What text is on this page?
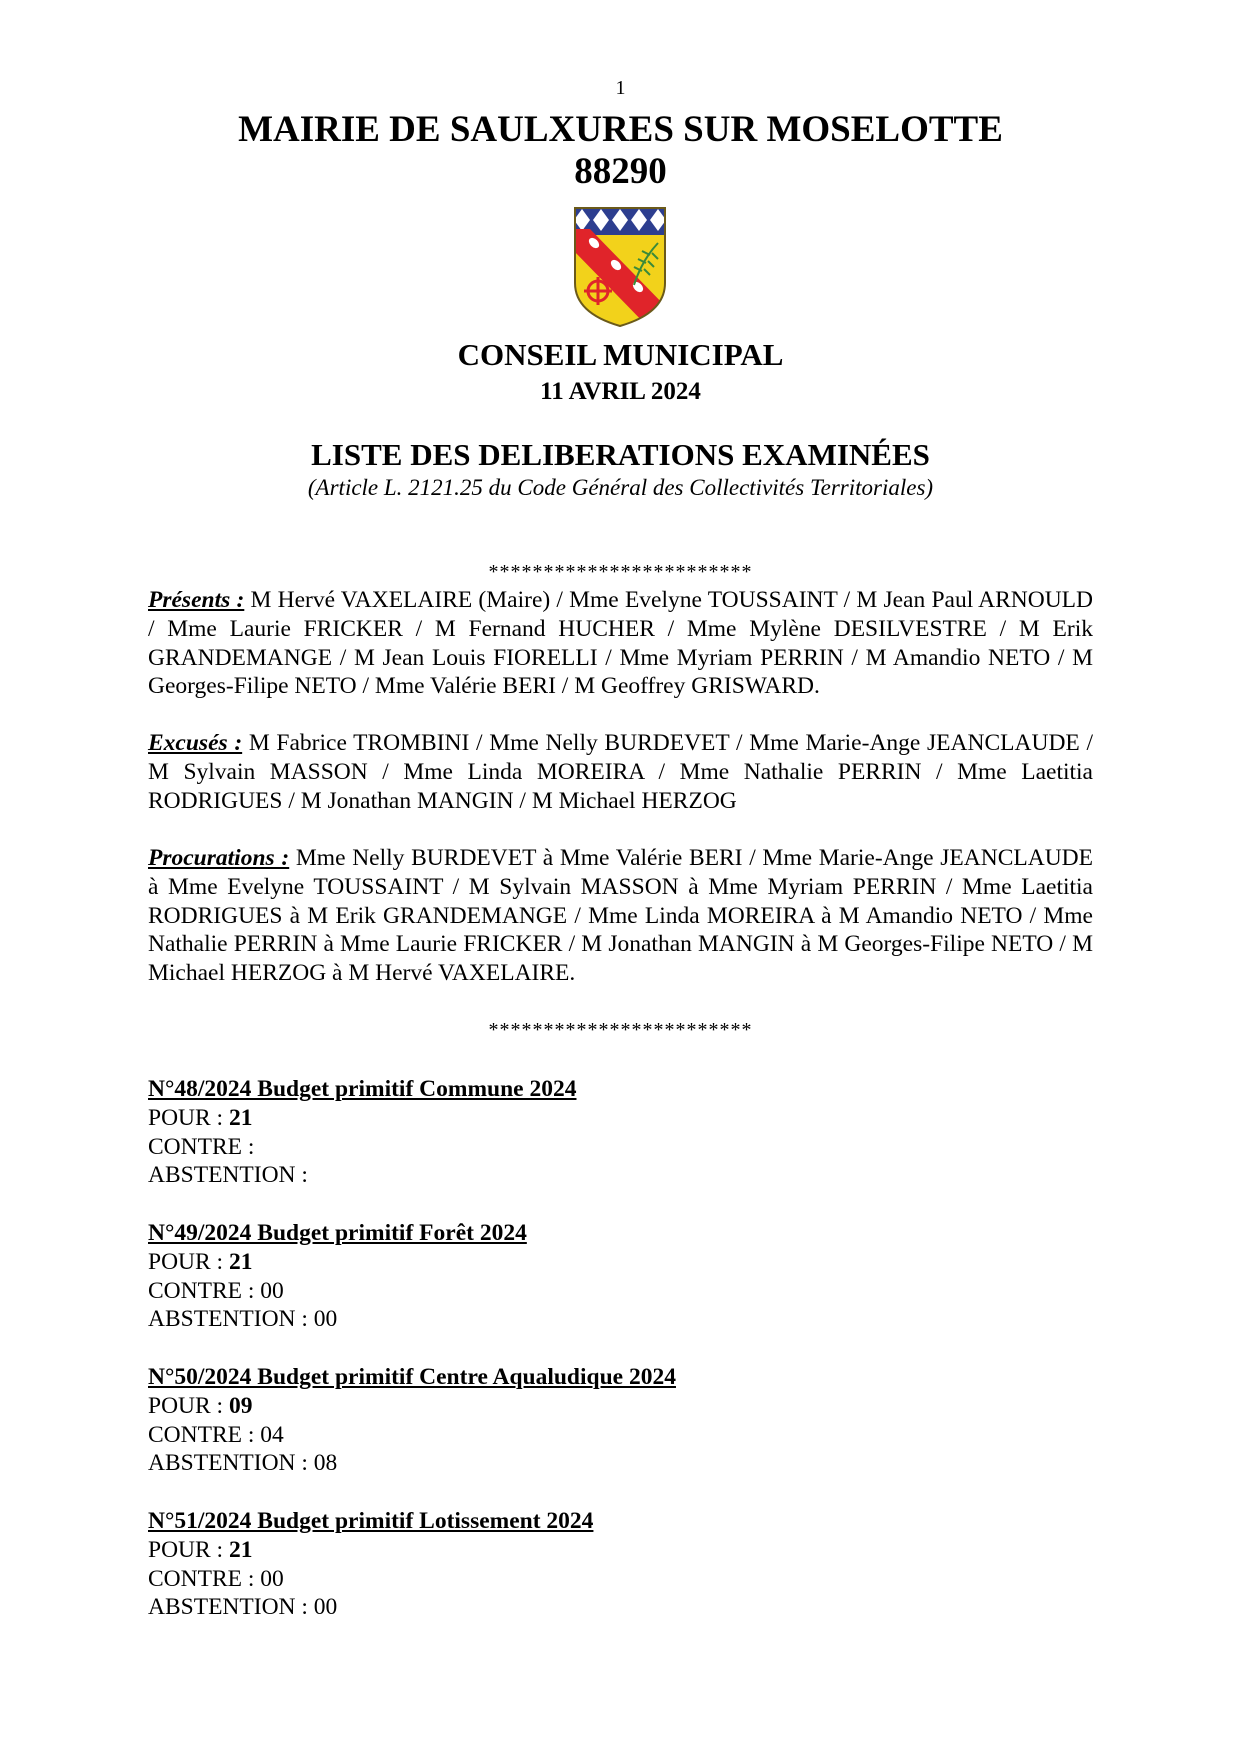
1
MAIRIE DE SAULXURES SUR MOSELOTTE
88290
CONSEIL MUNICIPAL
11 AVRIL 2024
LISTE DES DELIBERATIONS EXAMINÉES
(Article L. 2121.25 du Code Général des Collectivités Territoriales)
************************
Présents : M Hervé VAXELAIRE (Maire) / Mme Evelyne TOUSSAINT / M Jean Paul ARNOULD / Mme Laurie FRICKER / M Fernand HUCHER / Mme Mylène DESILVESTRE / M Erik GRANDEMANGE / M Jean Louis FIORELLI / Mme Myriam PERRIN / M Amandio NETO / M Georges-Filipe NETO / Mme Valérie BERI / M Geoffrey GRISWARD.
Excusés : M Fabrice TROMBINI / Mme Nelly BURDEVET / Mme Marie-Ange JEANCLAUDE / M Sylvain MASSON / Mme Linda MOREIRA / Mme Nathalie PERRIN / Mme Laetitia RODRIGUES / M Jonathan MANGIN / M Michael HERZOG
Procurations : Mme Nelly BURDEVET à Mme Valérie BERI / Mme Marie-Ange JEANCLAUDE à Mme Evelyne TOUSSAINT / M Sylvain MASSON à Mme Myriam PERRIN / Mme Laetitia RODRIGUES à M Erik GRANDEMANGE / Mme Linda MOREIRA à M Amandio NETO / Mme Nathalie PERRIN à Mme Laurie FRICKER / M Jonathan MANGIN à M Georges-Filipe NETO / M Michael HERZOG à M Hervé VAXELAIRE.
************************
N°48/2024 Budget primitif Commune 2024
POUR : 21
CONTRE :
ABSTENTION :
N°49/2024 Budget primitif Forêt 2024
POUR : 21
CONTRE : 00
ABSTENTION : 00
N°50/2024 Budget primitif Centre Aqualudique 2024
POUR : 09
CONTRE : 04
ABSTENTION : 08
N°51/2024 Budget primitif Lotissement 2024
POUR : 21
CONTRE : 00
ABSTENTION : 00
